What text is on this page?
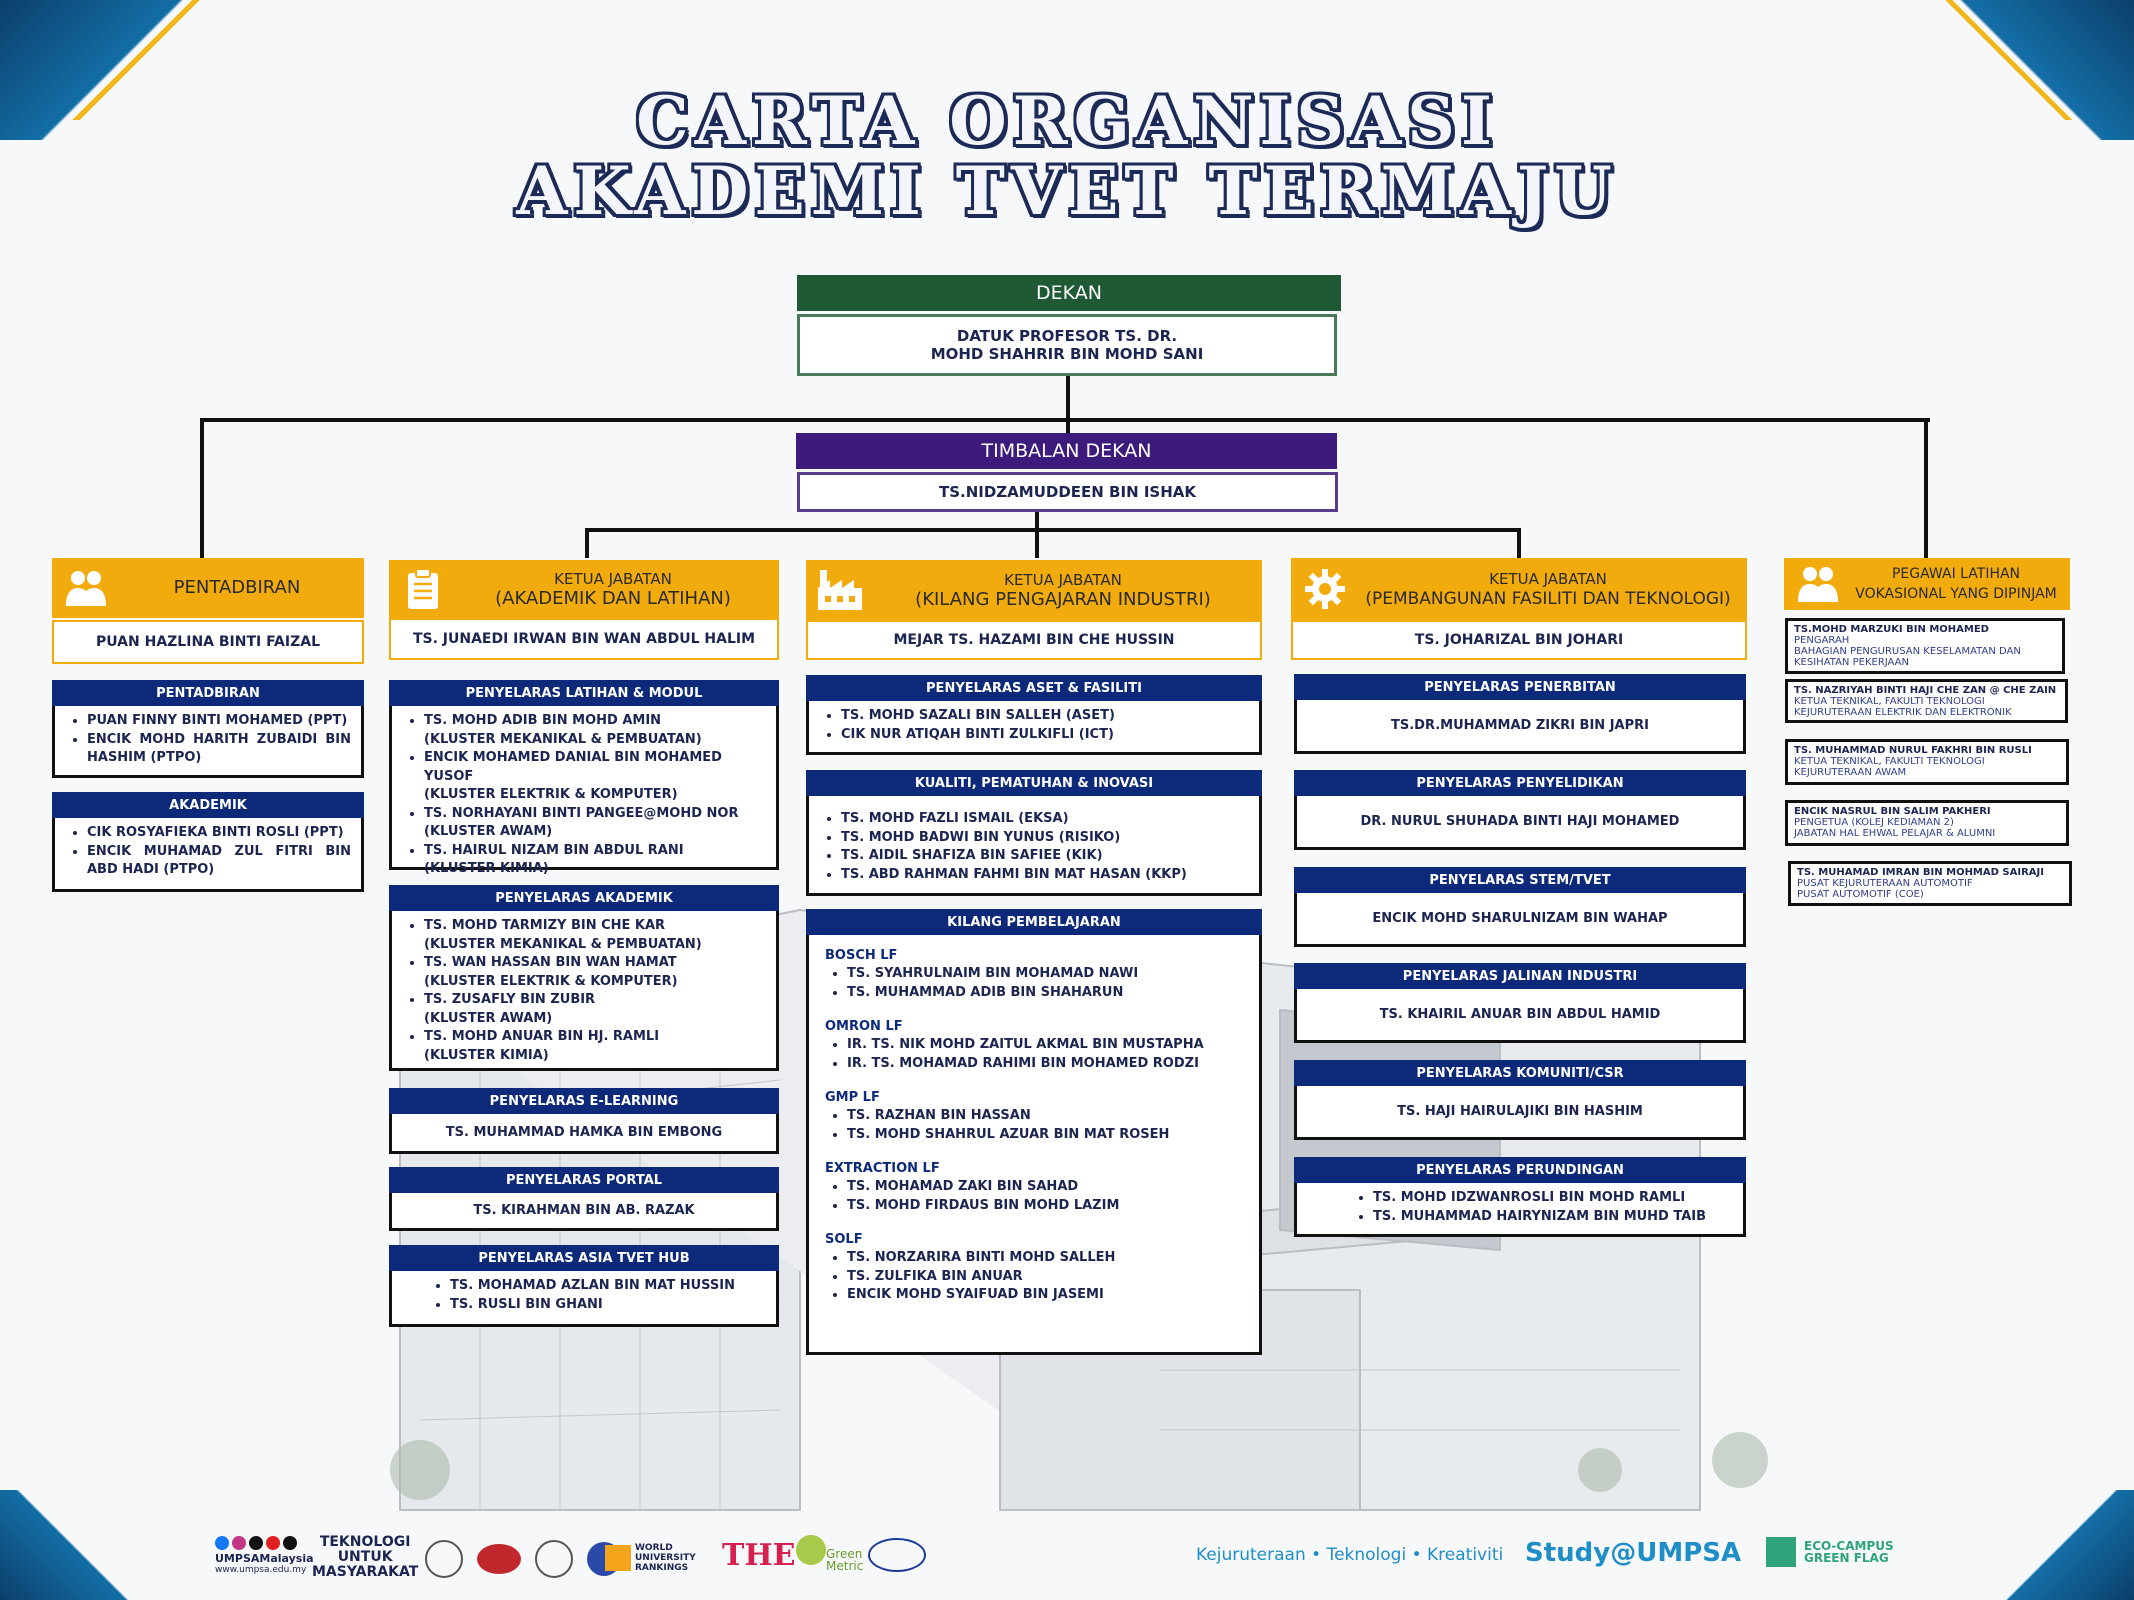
CARTA ORGANISASI
AKADEMI TVET TERMAJU
DEKAN
DATUK PROFESOR TS. DR.
MOHD SHAHRIR BIN MOHD SANI
TIMBALAN DEKAN
TS.NIDZAMUDDEEN BIN ISHAK
PENTADBIRAN
PUAN HAZLINA BINTI FAIZAL
PENTADBIRAN
• PUAN FINNY BINTI MOHAMED (PPT)
• ENCIK MOHD HARITH ZUBAIDI BIN HASHIM (PTPO)
AKADEMIK
• CIK ROSYAFIEKA BINTI ROSLI (PPT)
• ENCIK MUHAMAD ZUL FITRI BIN ABD HADI (PTPO)
KETUA JABATAN
(AKADEMIK DAN LATIHAN)
TS. JUNAEDI IRWAN BIN WAN ABDUL HALIM
PENYELARAS LATIHAN & MODUL
• TS. MOHD ADIB BIN MOHD AMIN
(KLUSTER MEKANIKAL & PEMBUATAN)
• ENCIK MOHAMED DANIAL BIN MOHAMED YUSOF
(KLUSTER ELEKTRIK & KOMPUTER)
• TS. NORHAYANI BINTI PANGEE@MOHD NOR
(KLUSTER AWAM)
• TS. HAIRUL NIZAM BIN ABDUL RANI
(KLUSTER KIMIA)
PENYELARAS AKADEMIK
• TS. MOHD TARMIZY BIN CHE KAR
(KLUSTER MEKANIKAL & PEMBUATAN)
• TS. WAN HASSAN BIN WAN HAMAT
(KLUSTER ELEKTRIK & KOMPUTER)
• TS. ZUSAFLY BIN ZUBIR
(KLUSTER AWAM)
• TS. MOHD ANUAR BIN HJ. RAMLI
(KLUSTER KIMIA)
PENYELARAS E-LEARNING
TS. MUHAMMAD HAMKA BIN EMBONG
PENYELARAS PORTAL
TS. KIRAHMAN BIN AB. RAZAK
PENYELARAS ASIA TVET HUB
• TS. MOHAMAD AZLAN BIN MAT HUSSIN
• TS. RUSLI BIN GHANI
KETUA JABATAN
(KILANG PENGAJARAN INDUSTRI)
MEJAR TS. HAZAMI BIN CHE HUSSIN
PENYELARAS ASET & FASILITI
• TS. MOHD SAZALI BIN SALLEH (ASET)
• CIK NUR ATIQAH BINTI ZULKIFLI (ICT)
KUALITI, PEMATUHAN & INOVASI
• TS. MOHD FAZLI ISMAIL (EKSA)
• TS. MOHD BADWI BIN YUNUS (RISIKO)
• TS. AIDIL SHAFIZA BIN SAFIEE (KIK)
• TS. ABD RAHMAN FAHMI BIN MAT HASAN (KKP)
KILANG PEMBELAJARAN
BOSCH LF
• TS. SYAHRULNAIM BIN MOHAMAD NAWI
• TS. MUHAMMAD ADIB BIN SHAHARUN
OMRON LF
• IR. TS. NIK MOHD ZAITUL AKMAL BIN MUSTAPHA
• IR. TS. MOHAMAD RAHIMI BIN MOHAMED RODZI
GMP LF
• TS. RAZHAN BIN HASSAN
• TS. MOHD SHAHRUL AZUAR BIN MAT ROSEH
EXTRACTION LF
• TS. MOHAMAD ZAKI BIN SAHAD
• TS. MOHD FIRDAUS BIN MOHD LAZIM
SOLF
• TS. NORZARIRA BINTI MOHD SALLEH
• TS. ZULFIKA BIN ANUAR
• ENCIK MOHD SYAIFUAD BIN JASEMI
KETUA JABATAN
(PEMBANGUNAN FASILITI DAN TEKNOLOGI)
TS. JOHARIZAL BIN JOHARI
PENYELARAS PENERBITAN
TS.DR.MUHAMMAD ZIKRI BIN JAPRI
PENYELARAS PENYELIDIKAN
DR. NURUL SHUHADA BINTI HAJI MOHAMED
PENYELARAS STEM/TVET
ENCIK MOHD SHARULNIZAM BIN WAHAP
PENYELARAS JALINAN INDUSTRI
TS. KHAIRIL ANUAR BIN ABDUL HAMID
PENYELARAS KOMUNITI/CSR
TS. HAJI HAIRULAJIKI BIN HASHIM
PENYELARAS PERUNDINGAN
• TS. MOHD IDZWANROSLI BIN MOHD RAMLI
• TS. MUHAMMAD HAIRYNIZAM BIN MUHD TAIB
PEGAWAI LATIHAN
VOKASIONAL YANG DIPINJAM
TS.MOHD MARZUKI BIN MOHAMED
PENGARAH
BAHAGIAN PENGURUSAN KESELAMATAN DAN
KESIHATAN PEKERJAAN
TS. NAZRIYAH BINTI HAJI CHE ZAN @ CHE ZAIN
KETUA TEKNIKAL, FAKULTI TEKNOLOGI
KEJURUTERAAN ELEKTRIK DAN ELEKTRONIK
TS. MUHAMMAD NURUL FAKHRI BIN RUSLI
KETUA TEKNIKAL, FAKULTI TEKNOLOGI
KEJURUTERAAN AWAM
ENCIK NASRUL BIN SALIM PAKHERI
PENGETUA (KOLEJ KEDIAMAN 2)
JABATAN HAL EHWAL PELAJAR & ALUMNI
TS. MUHAMAD IMRAN BIN MOHMAD SAIRAJI
PUSAT KEJURUTERAAN AUTOMOTIF
PUSAT AUTOMOTIF (COE)
UMPSAMalaysia
www.umpsa.edu.my
TEKNOLOGI
UNTUK
MASYARAKAT
WORLD
UNIVERSITY
RANKINGS THE	Green
Metric
Kejuruteraan • Teknologi • Kreativiti Study@UMPSA	ECO-CAMPUS
GREEN FLAG
